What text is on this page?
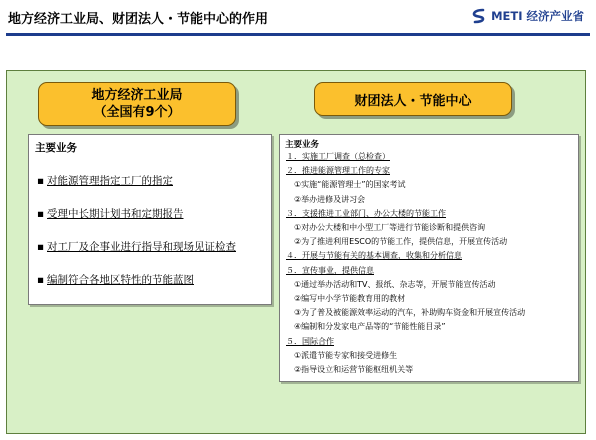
地方经济工业局、财团法人・节能中心的作用	METI 经济产业省
地方经济工业局
（全国有9个）
财团法人・节能中心
主要业务
▪ 对能源管理指定工厂的指定
▪ 受理中长期计划书和定期报告
▪ 对工厂及企事业进行指导和现场见证检查
▪ 编制符合各地区特性的节能蓝图
主要业务
１．实施工厂调查（总检查）
２．推进能源管理工作的专家
①实施“能源管理士”的国家考试
②举办进修及讲习会
３．支援推进工业部门、办公大楼的节能工作
①对办公大楼和中小型工厂等进行节能诊断和提供咨询
②为了推进利用ESCO的节能工作，提供信息，开展宣传活动
４．开展与节能有关的基本调查，收集和分析信息
５．宣传事业，提供信息
①通过举办活动和TV、报纸、杂志等，开展节能宣传活动
②编写中小学节能教育用的教材
③为了普及被能源效率运动的汽车，补助购车资金和开展宣传活动
④编制和分发家电产品等的“节能性能目录”
５．国际合作
①派遣节能专家和接受进修生
②指导设立和运营节能枢纽机关等
